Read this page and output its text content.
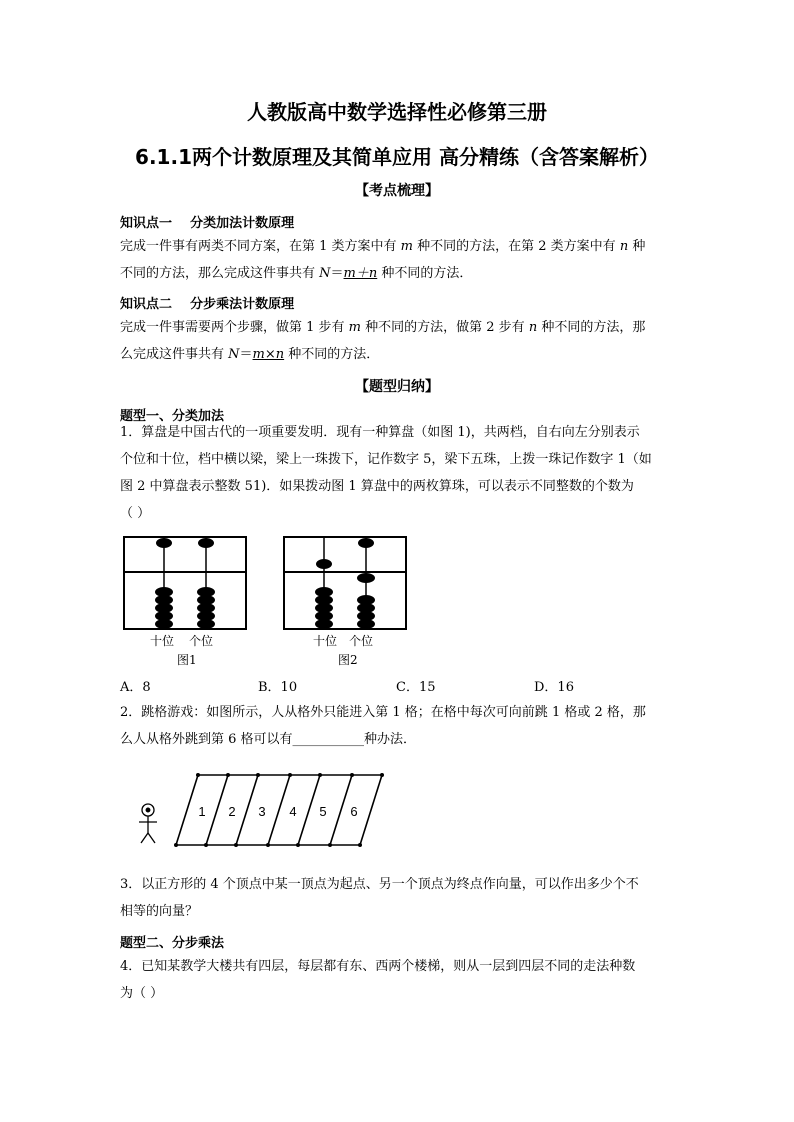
人教版高中数学选择性必修第三册
6.1.1两个计数原理及其简单应用 高分精练（含答案解析）
【考点梳理】
知识点一    分类加法计数原理
完成一件事有两类不同方案，在第 1 类方案中有 m 种不同的方法，在第 2 类方案中有 n 种
不同的方法，那么完成这件事共有 N＝m＋n 种不同的方法．
知识点二    分步乘法计数原理
完成一件事需要两个步骤，做第 1 步有 m 种不同的方法，做第 2 步有 n 种不同的方法，那
么完成这件事共有 N＝m×n 种不同的方法．
【题型归纳】
题型一、分类加法
1．算盘是中国古代的一项重要发明．现有一种算盘（如图 1)，共两档，自右向左分别表示
个位和十位，档中横以梁，梁上一珠拨下，记作数字 5，梁下五珠，上拨一珠记作数字 1（如
图 2 中算盘表示整数 51)．如果拨动图 1 算盘中的两枚算珠，可以表示不同整数的个数为
（ ）
十位 个位
图1
十位 个位
图2
A．8	B．10	C．15	D．16
2．跳格游戏：如图所示，人从格外只能进入第 1 格；在格中每次可向前跳 1 格或 2 格，那
么人从格外跳到第 6 格可以有___________种办法．
1 2 3 4 5 6
3．以正方形的 4 个顶点中某一顶点为起点、另一个顶点为终点作向量，可以作出多少个不
相等的向量？
题型二、分步乘法
4．已知某教学大楼共有四层，每层都有东、西两个楼梯，则从一层到四层不同的走法种数
为（ ）
